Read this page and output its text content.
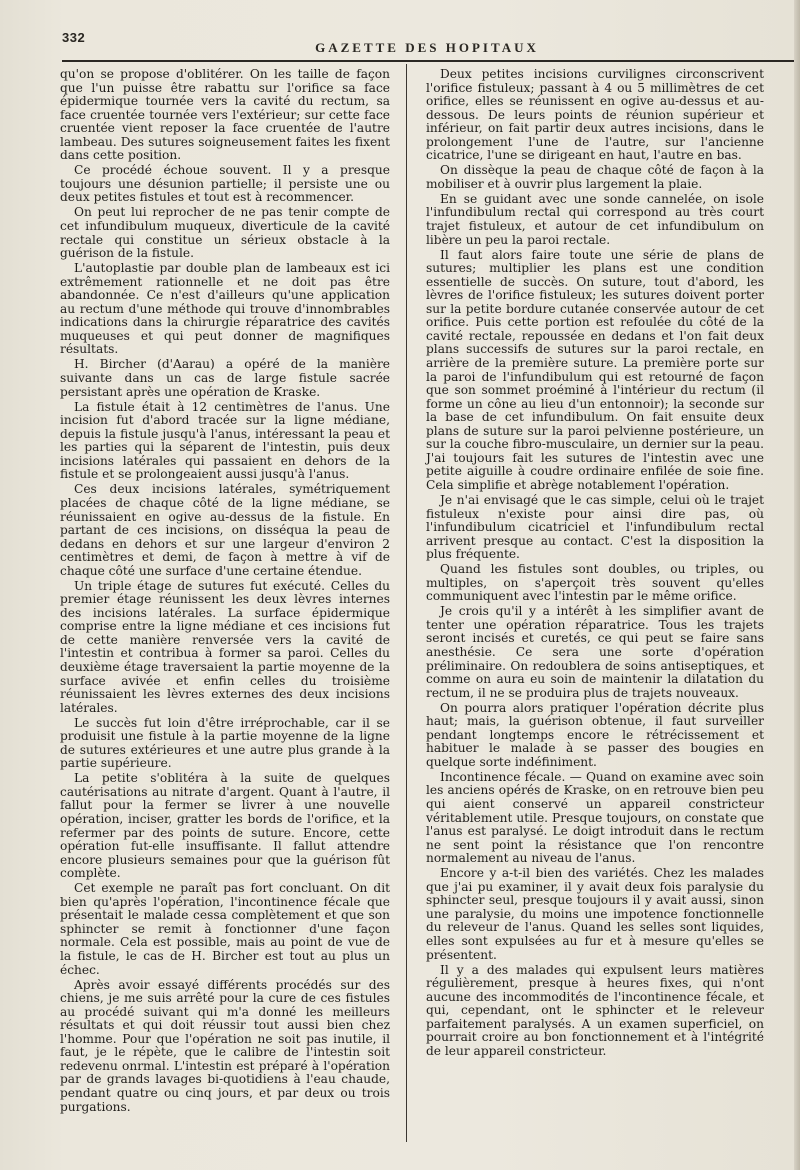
332
GAZETTE DES HOPITAUX

qu'on se propose d'oblitérer. On les taille de façon que l'un puisse être rabattu sur l'orifice sa face épidermique tournée vers la cavité du rectum, sa face cruentée tournée vers l'extérieur; sur cette face cruentée vient reposer la face cruentée de l'autre lambeau. Des sutures soigneusement faites les fixent dans cette position.

Ce procédé échoue souvent. Il y a presque toujours une désunion partielle; il persiste une ou deux petites fistules et tout est à recommencer.

On peut lui reprocher de ne pas tenir compte de cet infundibulum muqueux, diverticule de la cavité rectale qui constitue un sérieux obstacle à la guérison de la fistule.

L'autoplastie par double plan de lambeaux est ici extrêmement rationnelle et ne doit pas être abandonnée. Ce n'est d'ailleurs qu'une application au rectum d'une méthode qui trouve d'innombrables indications dans la chirurgie réparatrice des cavités muqueuses et qui peut donner de magnifiques résultats.

H. Bircher (d'Aarau) a opéré de la manière suivante dans un cas de large fistule sacrée persistant après une opération de Kraske.

La fistule était à 12 centimètres de l'anus. Une incision fut d'abord tracée sur la ligne médiane, depuis la fistule jusqu'à l'anus, intéressant la peau et les parties qui la séparent de l'intestin, puis deux incisions latérales qui passaient en dehors de la fistule et se prolongeaient aussi jusqu'à l'anus.

Ces deux incisions latérales, symétriquement placées de chaque côté de la ligne médiane, se réunissaient en ogive au-dessus de la fistule. En partant de ces incisions, on disséqua la peau de dedans en dehors et sur une largeur d'environ 2 centimètres et demi, de façon à mettre à vif de chaque côté une surface d'une certaine étendue.

Un triple étage de sutures fut exécuté. Celles du premier étage réunissent les deux lèvres internes des incisions latérales. La surface épidermique comprise entre la ligne médiane et ces incisions fut de cette manière renversée vers la cavité de l'intestin et contribua à former sa paroi. Celles du deuxième étage traversaient la partie moyenne de la surface avivée et enfin celles du troisième réunissaient les lèvres externes des deux incisions latérales.

Le succès fut loin d'être irréprochable, car il se produisit une fistule à la partie moyenne de la ligne de sutures extérieures et une autre plus grande à la partie supérieure.

La petite s'oblitéra à la suite de quelques cautérisations au nitrate d'argent. Quant à l'autre, il fallut pour la fermer se livrer à une nouvelle opération, inciser, gratter les bords de l'orifice, et la refermer par des points de suture. Encore, cette opération fut-elle insuffisante. Il fallut attendre encore plusieurs semaines pour que la guérison fût complète.

Cet exemple ne paraît pas fort concluant. On dit bien qu'après l'opération, l'incontinence fécale que présentait le malade cessa complètement et que son sphincter se remit à fonctionner d'une façon normale. Cela est possible, mais au point de vue de la fistule, le cas de H. Bircher est tout au plus un échec.

Après avoir essayé différents procédés sur des chiens, je me suis arrêté pour la cure de ces fistules au procédé suivant qui m'a donné les meilleurs résultats et qui doit réussir tout aussi bien chez l'homme. Pour que l'opération ne soit pas inutile, il faut, je le répète, que le calibre de l'intestin soit redevenu onrmal. L'intestin est préparé à l'opération par de grands lavages bi-quotidiens à l'eau chaude, pendant quatre ou cinq jours, et par deux ou trois purgations.

Deux petites incisions curvilignes circonscrivent l'orifice fistuleux; passant à 4 ou 5 millimètres de cet orifice, elles se réunissent en ogive au-dessus et au-dessous. De leurs points de réunion supérieur et inférieur, on fait partir deux autres incisions, dans le prolongement l'une de l'autre, sur l'ancienne cicatrice, l'une se dirigeant en haut, l'autre en bas.

On dissèque la peau de chaque côté de façon à la mobiliser et à ouvrir plus largement la plaie.

En se guidant avec une sonde cannelée, on isole l'infundibulum rectal qui correspond au très court trajet fistuleux, et autour de cet infundibulum on libère un peu la paroi rectale.

Il faut alors faire toute une série de plans de sutures; multiplier les plans est une condition essentielle de succès. On suture, tout d'abord, les lèvres de l'orifice fistuleux; les sutures doivent porter sur la petite bordure cutanée conservée autour de cet orifice. Puis cette portion est refoulée du côté de la cavité rectale, repoussée en dedans et l'on fait deux plans successifs de sutures sur la paroi rectale, en arrière de la première suture. La première porte sur la paroi de l'infundibulum qui est retourné de façon que son sommet proéminé à l'intérieur du rectum (il forme un cône au lieu d'un entonnoir); la seconde sur la base de cet infundibulum. On fait ensuite deux plans de suture sur la paroi pelvienne postérieure, un sur la couche fibro-musculaire, un dernier sur la peau. J'ai toujours fait les sutures de l'intestin avec une petite aiguille à coudre ordinaire enfilée de soie fine. Cela simplifie et abrège notablement l'opération.

Je n'ai envisagé que le cas simple, celui où le trajet fistuleux n'existe pour ainsi dire pas, où l'infundibulum cicatriciel et l'infundibulum rectal arrivent presque au contact. C'est la disposition la plus fréquente.

Quand les fistules sont doubles, ou triples, ou multiples, on s'aperçoit très souvent qu'elles communiquent avec l'intestin par le même orifice.

Je crois qu'il y a intérêt à les simplifier avant de tenter une opération réparatrice. Tous les trajets seront incisés et curetés, ce qui peut se faire sans anesthésie. Ce sera une sorte d'opération préliminaire. On redoublera de soins antiseptiques, et comme on aura eu soin de maintenir la dilatation du rectum, il ne se produira plus de trajets nouveaux.

On pourra alors pratiquer l'opération décrite plus haut; mais, la guérison obtenue, il faut surveiller pendant longtemps encore le rétrécissement et habituer le malade à se passer des bougies en quelque sorte indéfiniment.

Incontinence fécale. — Quand on examine avec soin les anciens opérés de Kraske, on en retrouve bien peu qui aient conservé un appareil constricteur véritablement utile. Presque toujours, on constate que l'anus est paralysé. Le doigt introduit dans le rectum ne sent point la résistance que l'on rencontre normalement au niveau de l'anus.

Encore y a-t-il bien des variétés. Chez les malades que j'ai pu examiner, il y avait deux fois paralysie du sphincter seul, presque toujours il y avait aussi, sinon une paralysie, du moins une impotence fonctionnelle du releveur de l'anus. Quand les selles sont liquides, elles sont expulsées au fur et à mesure qu'elles se présentent.

Il y a des malades qui expulsent leurs matières régulièrement, presque à heures fixes, qui n'ont aucune des incommodités de l'incontinence fécale, et qui, cependant, ont le sphincter et le releveur parfaitement paralysés. A un examen superficiel, on pourrait croire au bon fonctionnement et à l'intégrité de leur appareil constricteur.
